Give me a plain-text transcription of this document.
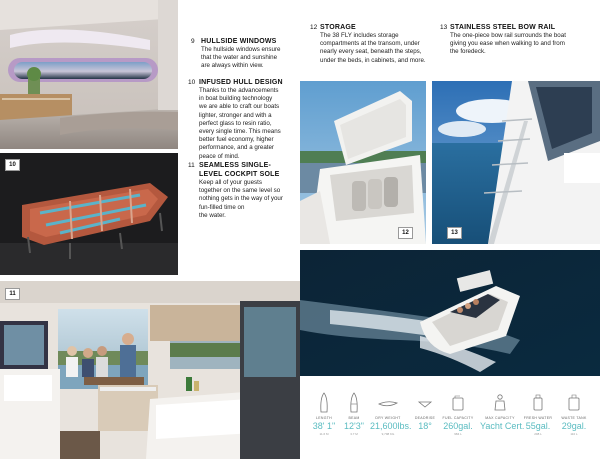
10
11
12	13
9 HULLSIDE WINDOWS
The hullside windows ensure
that the water and sunshine
are always within view.
10 INFUSED HULL DESIGN
Thanks to the advancements
in boat building technology
we are able to craft our boats
lighter, stronger and with a
perfect glass to resin ratio,
every single time. This means
better fuel economy, higher
performance, and a greater
peace of mind.
11 SEAMLESS SINGLE-
LEVEL COCKPIT SOLE
Keep all of your guests
together on the same level so
nothing gets in the way of your
fun-filled time on
the water.
12 STORAGE
The 38 FLY includes storage
compartments at the transom, under
nearly every seat, beneath the steps,
under the beds, in cabinets, and more.
13 STAINLESS STEEL BOW RAIL
The one-piece bow rail surrounds the boat
giving you ease when walking to and from
the foredeck.
LENGTH
38' 1"
11.6 M
BEAM
12'3"
3.7 M
DRY WEIGHT
21,600lbs.
9,798 KG
DEADRISE
18°
FUEL CAPACITY
260gal.
984 L
MAX CAPACITY
Yacht Cert.
FRESH WATER
55gal.
208 L
WASTE TANK
29gal.
110 L
